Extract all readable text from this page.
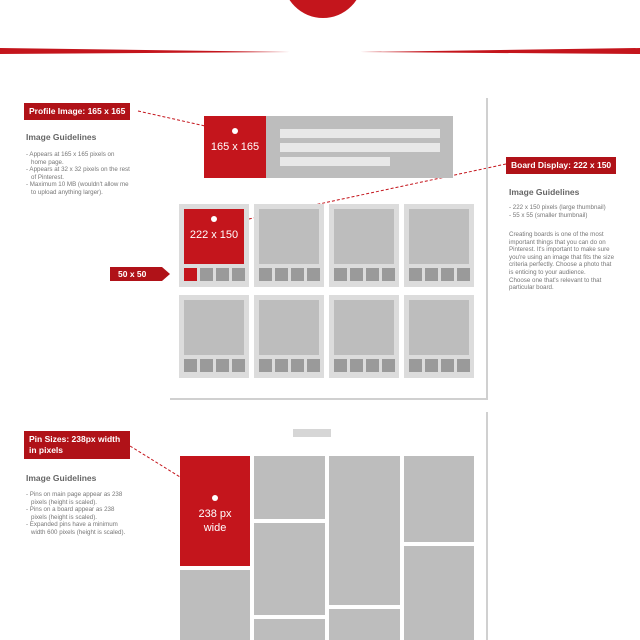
Profile Image: 165 x 165
Image Guidelines

- Appears at 165 x 165 pixels on

home page.

- Appears at 32 x 32 pixels on the rest

of Pinterest.

- Maximum 10 MB (wouldn't allow me

to upload anything larger).

165 x 165
Board Display: 222 x 150
Image Guidelines

- 222 x 150 pixels (large thumbnail)

- 55 x 55 (smaller thumbnail)

Creating boards is one of the most

important things that you can do on

Pinterest. It's important to make sure

you're using an image that fits the size

criteria perfectly. Choose a photo that

is enticing to your audience.

Choose one that's relevant to that

particular board.

50 x 50
222 x 150
Pin Sizes: 238px width
in pixels
Image Guidelines

- Pins on main page appear as 238

pixels (height is scaled).

- Pins on a board appear as 238

pixels (height is scaled).

- Expanded pins have a minimum

width 600 pixels (height is scaled).

238 px
wide
